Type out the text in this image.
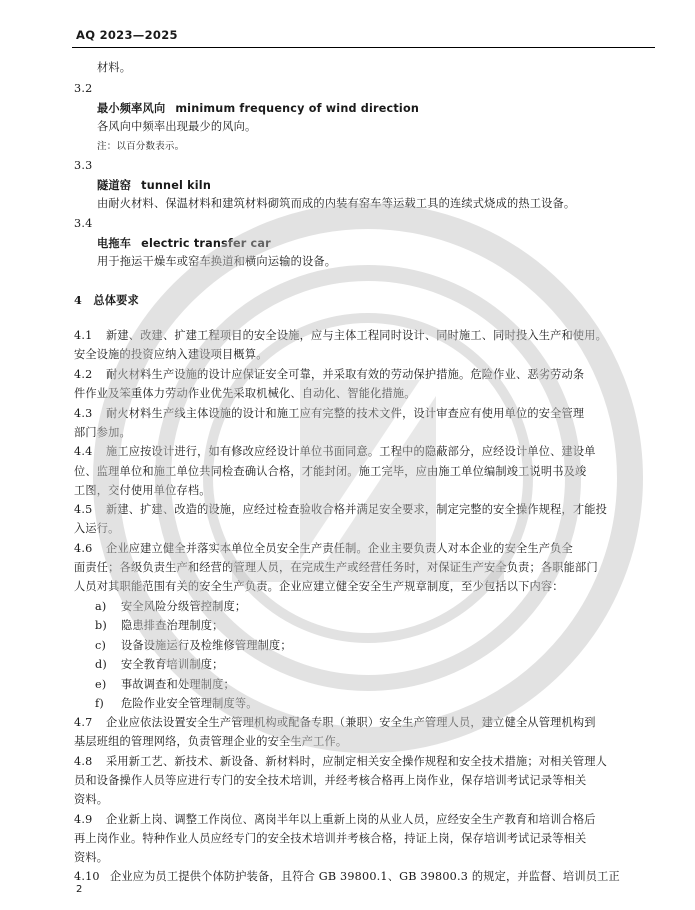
AQ 2023—2025
材料。
3.2
最小频率风向 minimum frequency of wind direction
各风向中频率出现最少的风向。
注：以百分数表示。
3.3
隧道窑 tunnel kiln
由耐火材料、保温材料和建筑材料砌筑而成的内装有窑车等运载工具的连续式烧成的热工设备。
3.4
电拖车 electric transfer car
用于拖运干燥车或窑车换道和横向运输的设备。
4　总体要求
4.1 新建、改建、扩建工程项目的安全设施，应与主体工程同时设计、同时施工、同时投入生产和使用。
安全设施的投资应纳入建设项目概算。
4.2 耐火材料生产设施的设计应保证安全可靠，并采取有效的劳动保护措施。危险作业、恶劣劳动条
件作业及笨重体力劳动作业优先采取机械化、自动化、智能化措施。
4.3 耐火材料生产线主体设施的设计和施工应有完整的技术文件，设计审查应有使用单位的安全管理
部门参加。
4.4 施工应按设计进行，如有修改应经设计单位书面同意。工程中的隐蔽部分，应经设计单位、建设单
位、监理单位和施工单位共同检查确认合格，才能封闭。施工完毕，应由施工单位编制竣工说明书及竣
工图，交付使用单位存档。
4.5 新建、扩建、改造的设施，应经过检查验收合格并满足安全要求，制定完整的安全操作规程，才能投
入运行。
4.6 企业应建立健全并落实本单位全员安全生产责任制。企业主要负责人对本企业的安全生产负全
面责任；各级负责生产和经营的管理人员，在完成生产或经营任务时，对保证生产安全负责；各职能部门
人员对其职能范围有关的安全生产负责。企业应建立健全安全生产规章制度，至少包括以下内容：
a) 安全风险分级管控制度；
b) 隐患排查治理制度；
c) 设备设施运行及检维修管理制度；
d) 安全教育培训制度；
e) 事故调查和处理制度；
f) 危险作业安全管理制度等。
4.7 企业应依法设置安全生产管理机构或配备专职（兼职）安全生产管理人员，建立健全从管理机构到
基层班组的管理网络，负责管理企业的安全生产工作。
4.8 采用新工艺、新技术、新设备、新材料时，应制定相关安全操作规程和安全技术措施；对相关管理人
员和设备操作人员等应进行专门的安全技术培训，并经考核合格再上岗作业，保存培训考试记录等相关
资料。
4.9 企业新上岗、调整工作岗位、离岗半年以上重新上岗的从业人员，应经安全生产教育和培训合格后
再上岗作业。特种作业人员应经专门的安全技术培训并考核合格，持证上岗，保存培训考试记录等相关
资料。
4.10 企业应为员工提供个体防护装备，且符合 GB 39800.1、GB 39800.3 的规定，并监督、培训员工正
2
